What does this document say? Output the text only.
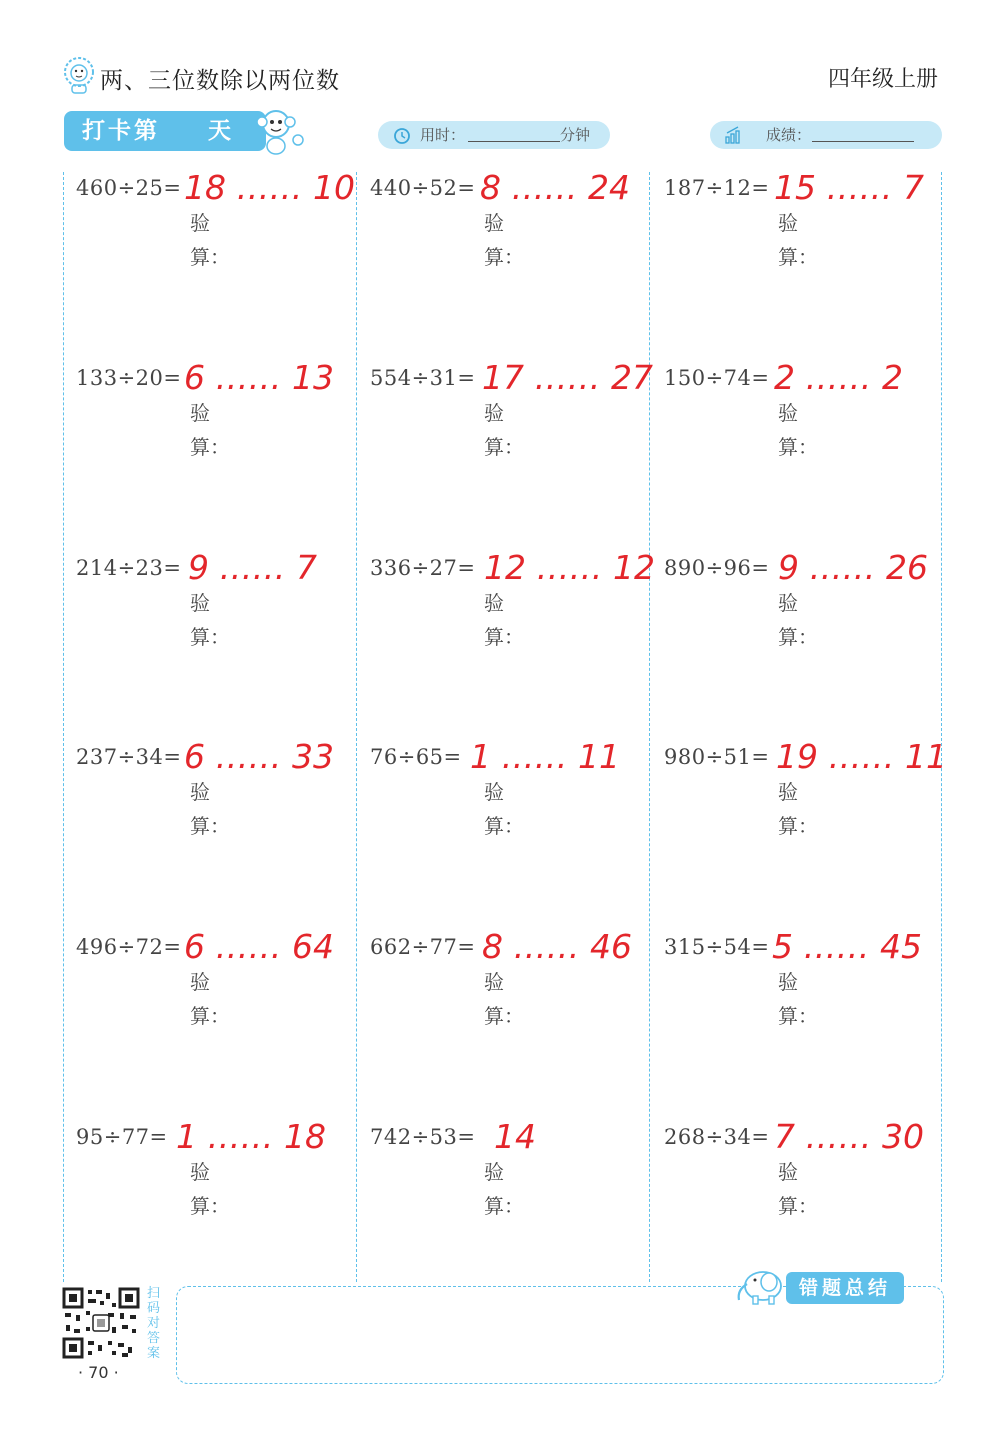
两、三位数除以两位数	四年级上册
打卡第 天	用时：	分钟	成绩：
460÷25= 18 …… 10
验
算：
440÷52= 8 …… 24
验
算：
187÷12= 15 …… 7
验
算：
133÷20= 6 …… 13
验
算：
554÷31= 17 …… 27
验
算：
150÷74= 2 …… 2
验
算：
214÷23= 9 …… 7
验
算：
336÷27= 12 …… 12
验
算：
890÷96= 9 …… 26
验
算：
237÷34= 6 …… 33
验
算：
76÷65= 1 …… 11
验
算：
980÷51= 19 …… 11
验
算：
496÷72= 6 …… 64
验
算：
662÷77= 8 …… 46
验
算：
315÷54= 5 …… 45
验
算：
95÷77= 1 …… 18
验
算：
742÷53= 14
验
算：
268÷34= 7 …… 30
验
算：
扫码对答案
· 70 ·
错题总结
